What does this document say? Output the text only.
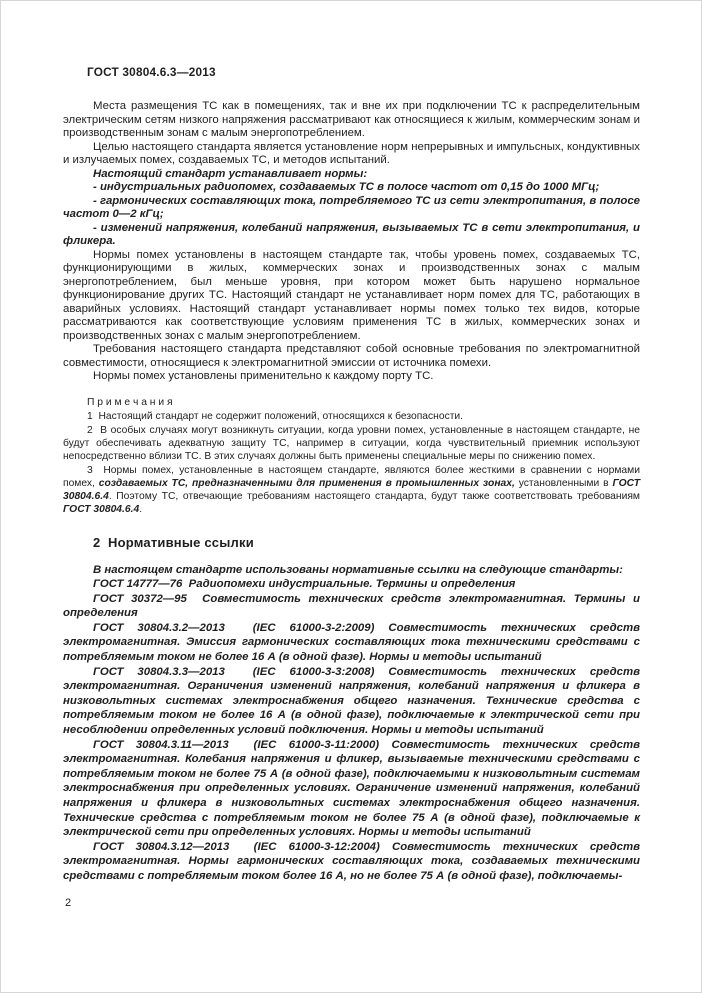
ГОСТ 30804.6.3—2013

Места размещения ТС как в помещениях, так и вне их при подключении ТС к распределительным электрическим сетям низкого напряжения рассматривают как относящиеся к жилым, коммерческим зонам и производственным зонам с малым энергопотреблением.

Целью настоящего стандарта является установление норм непрерывных и импульсных, кондуктивных и излучаемых помех, создаваемых ТС, и методов испытаний.

Настоящий стандарт устанавливает нормы:

- индустриальных радиопомех, создаваемых ТС в полосе частот от 0,15 до 1000 МГц;

- гармонических составляющих тока, потребляемого ТС из сети электропитания, в полосе частот 0—2 кГц;

- изменений напряжения, колебаний напряжения, вызываемых ТС в сети электропитания, и фликера.

Нормы помех установлены в настоящем стандарте так, чтобы уровень помех, создаваемых ТС, функционирующими в жилых, коммерческих зонах и производственных зонах с малым энергопотреблением, был меньше уровня, при котором может быть нарушено нормальное функционирование других ТС. Настоящий стандарт не устанавливает норм помех для ТС, работающих в аварийных условиях. Настоящий стандарт устанавливает нормы помех только тех видов, которые рассматриваются как соответствующие условиям применения ТС в жилых, коммерческих зонах и производственных зонах с малым энергопотреблением.

Требования настоящего стандарта представляют собой основные требования по электромагнитной совместимости, относящиеся к электромагнитной эмиссии от источника помехи.

Нормы помех установлены применительно к каждому порту ТС.

П р и м е ч а н и я

1  Настоящий стандарт не содержит положений, относящихся к безопасности.

2  В особых случаях могут возникнуть ситуации, когда уровни помех, установленные в настоящем стандарте, не будут обеспечивать адекватную защиту ТС, например в ситуации, когда чувствительный приемник используют непосредственно вблизи ТС. В этих случаях должны быть применены специальные меры по снижению помех.

3  Нормы помех, установленные в настоящем стандарте, являются более жесткими в сравнении с нормами помех, создаваемых ТС, предназначенными для применения в промышленных зонах, установленными в ГОСТ 30804.6.4. Поэтому ТС, отвечающие требованиям настоящего стандарта, будут также соответствовать требованиям ГОСТ 30804.6.4.

2  Нормативные ссылки

В настоящем стандарте использованы нормативные ссылки на следующие стандарты:

ГОСТ 14777—76  Радиопомехи индустриальные. Термины и определения

ГОСТ 30372—95  Совместимость технических средств электромагнитная. Термины и определения

ГОСТ 30804.3.2—2013  (IEC 61000-3-2:2009) Совместимость технических средств электромагнитная. Эмиссия гармонических составляющих тока техническими средствами с потребляемым током не более 16 А (в одной фазе). Нормы и методы испытаний

ГОСТ 30804.3.3—2013  (IEC 61000-3-3:2008) Совместимость технических средств электромагнитная. Ограничения изменений напряжения, колебаний напряжения и фликера в низковольтных системах электроснабжения общего назначения. Технические средства с потребляемым током не более 16 А (в одной фазе), подключаемые к электрической сети при несоблюдении определенных условий подключения. Нормы и методы испытаний

ГОСТ 30804.3.11—2013  (IEC 61000-3-11:2000) Совместимость технических средств электромагнитная. Колебания напряжения и фликер, вызываемые техническими средствами с потребляемым током не более 75 А (в одной фазе), подключаемыми к низковольтным системам электроснабжения при определенных условиях. Ограничение изменений напряжения, колебаний напряжения и фликера в низковольтных системах электроснабжения общего назначения. Технические средства с потребляемым током не более 75 А (в одной фазе), подключаемые к электрической сети при определенных условиях. Нормы и методы испытаний

ГОСТ 30804.3.12—2013  (IEC 61000-3-12:2004) Совместимость технических средств электромагнитная. Нормы гармонических составляющих тока, создаваемых техническими средствами с потребляемым током более 16 А, но не более 75 А (в одной фазе), подключаемы-

2
